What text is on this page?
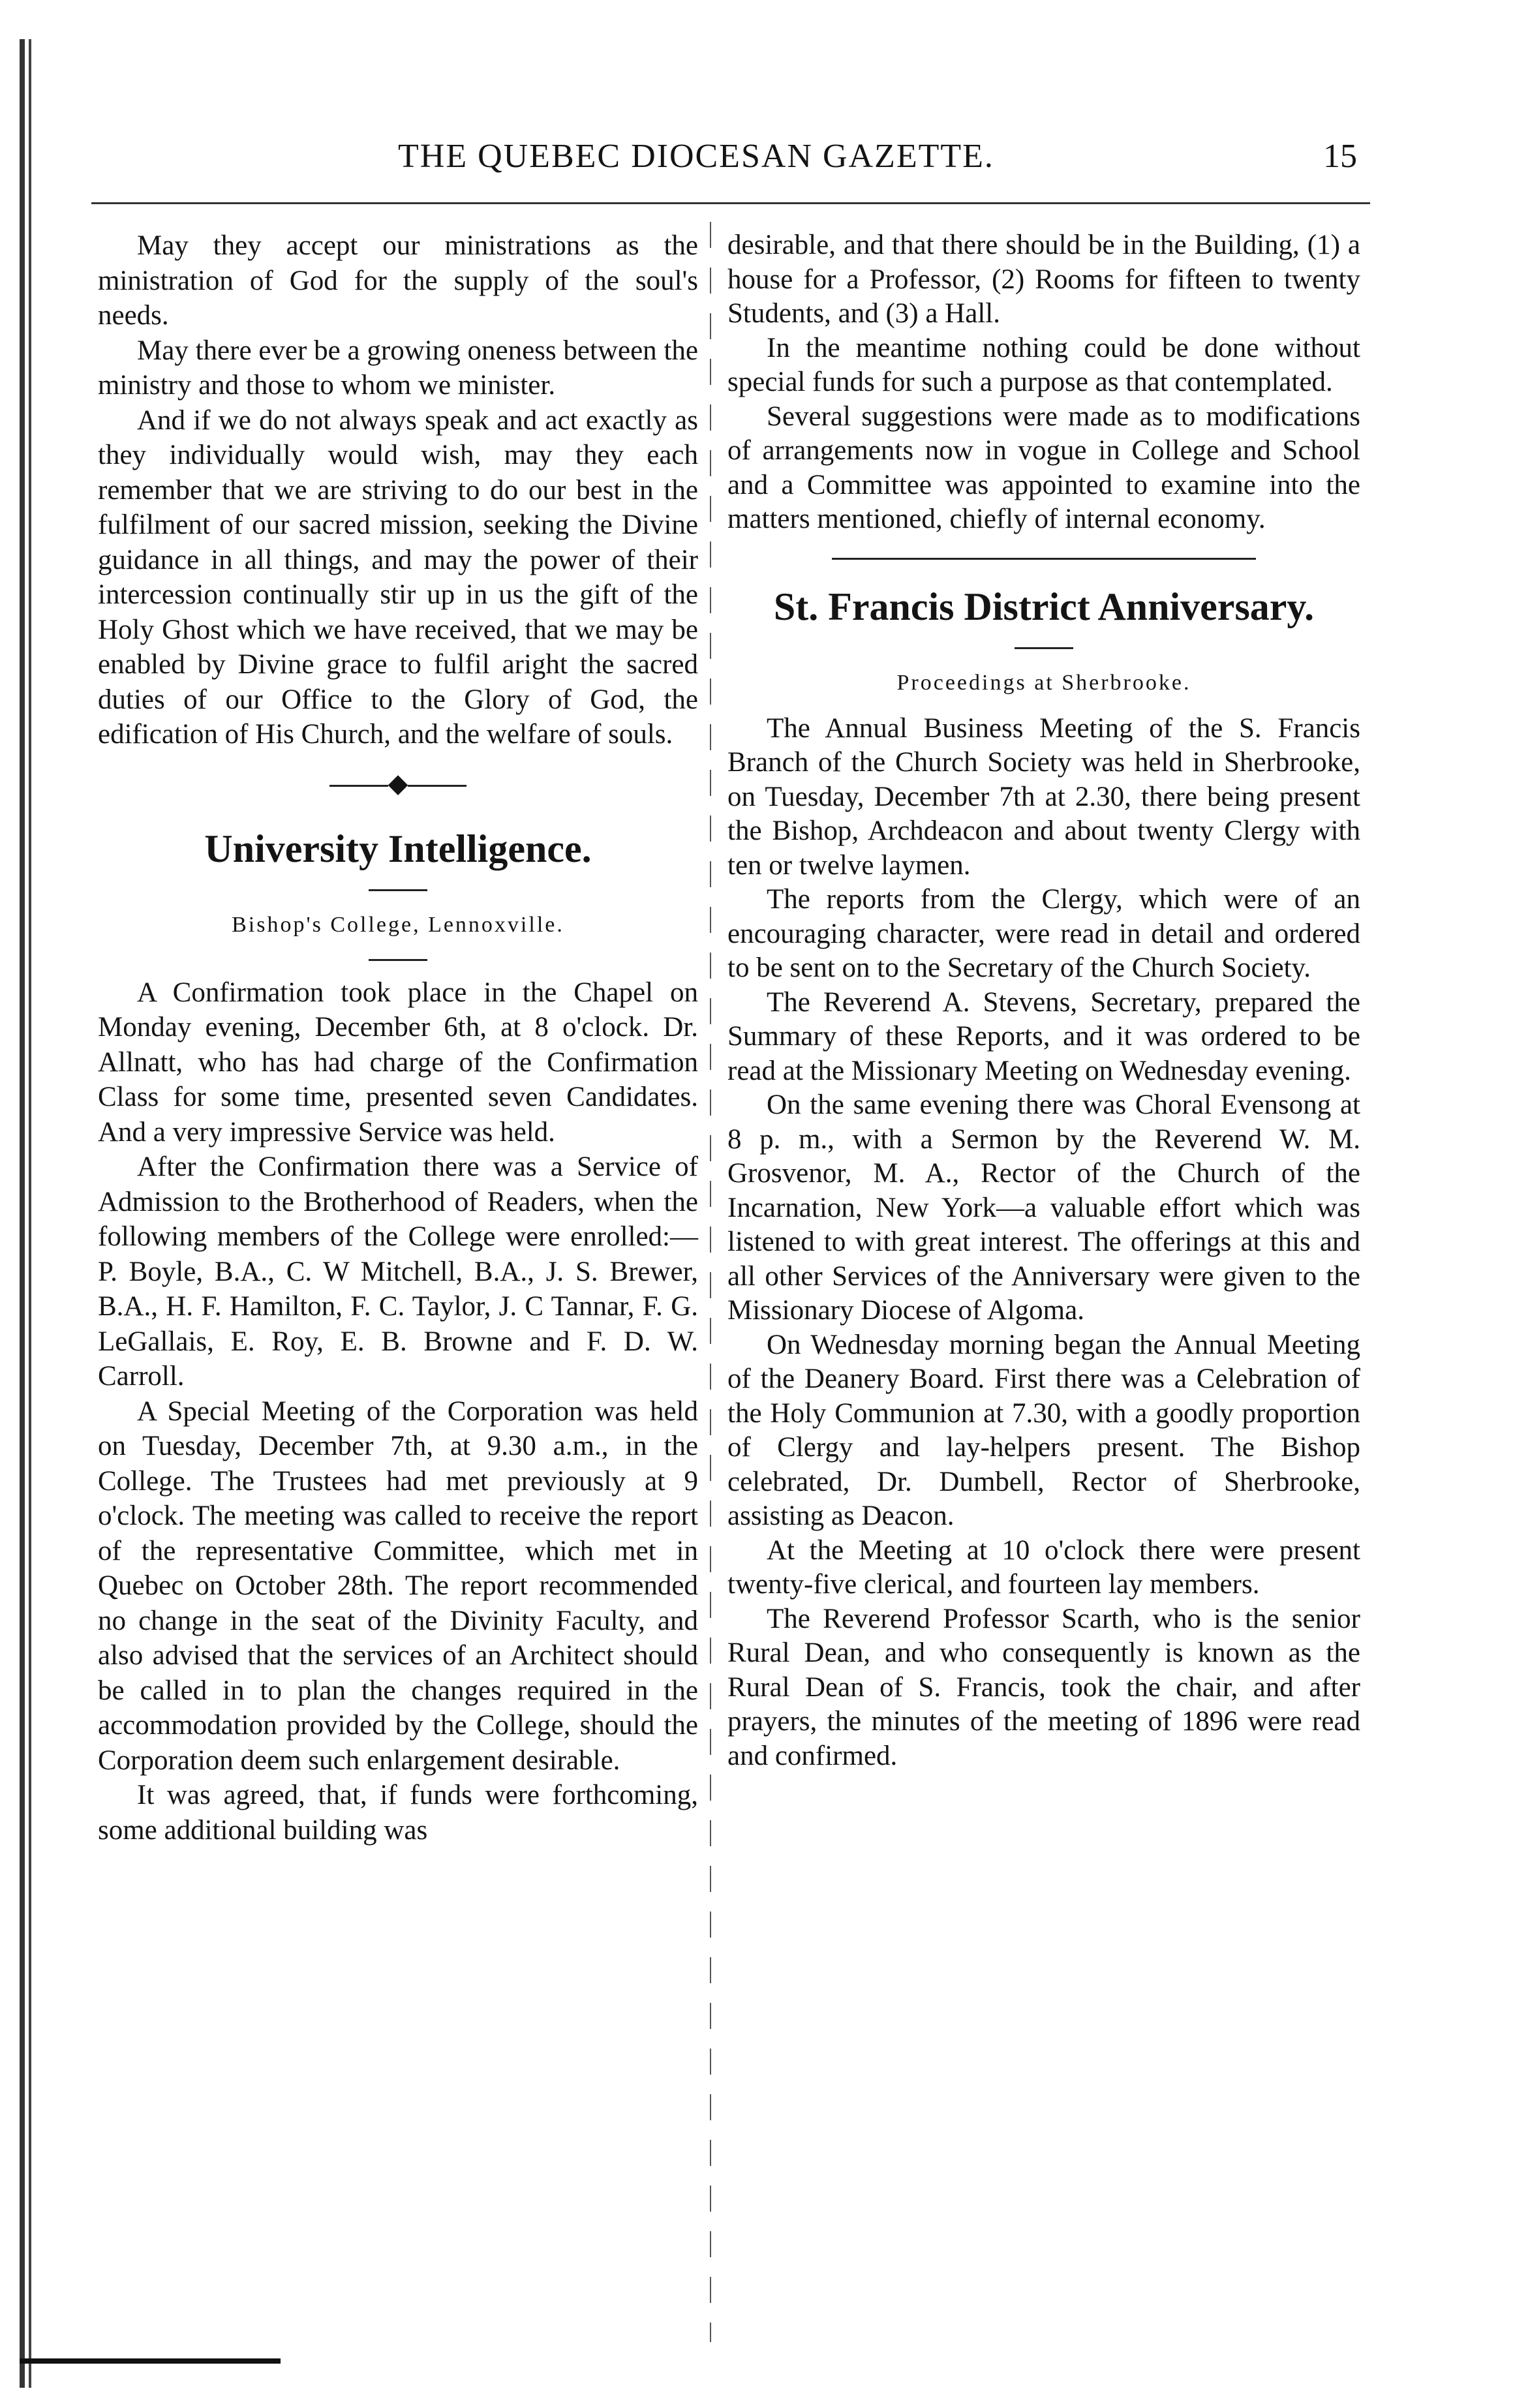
THE QUEBEC DIOCESAN GAZETTE.	15

May they accept our ministrations as the ministration of God for the supply of the soul's needs.

May there ever be a growing oneness between the ministry and those to whom we minister.

And if we do not always speak and act exactly as they individually would wish, may they each remember that we are striving to do our best in the fulfilment of our sacred mission, seeking the Divine guidance in all things, and may the power of their intercession continually stir up in us the gift of the Holy Ghost which we have received, that we may be enabled by Divine grace to fulfil aright the sacred duties of our Office to the Glory of God, the edification of His Church, and the welfare of souls.

◆
University Intelligence.

Bishop's College, Lennoxville.

A Confirmation took place in the Chapel on Monday evening, December 6th, at 8 o'clock. Dr. Allnatt, who has had charge of the Confirmation Class for some time, presented seven Candidates. And a very impressive Service was held.

After the Confirmation there was a Service of Admission to the Brotherhood of Readers, when the following members of the College were enrolled:—P. Boyle, B.A., C. W Mitchell, B.A., J. S. Brewer, B.A., H. F. Hamilton, F. C. Taylor, J. C Tannar, F. G. LeGallais, E. Roy, E. B. Browne and F. D. W. Carroll.

A Special Meeting of the Corporation was held on Tuesday, December 7th, at 9.30 a.m., in the College. The Trustees had met previously at 9 o'clock. The meeting was called to receive the report of the representative Committee, which met in Quebec on October 28th. The report recommended no change in the seat of the Divinity Faculty, and also advised that the services of an Architect should be called in to plan the changes required in the accommodation provided by the College, should the Corporation deem such enlargement desirable.

It was agreed, that, if funds were forthcoming, some additional building was

desirable, and that there should be in the Building, (1) a house for a Professor, (2) Rooms for fifteen to twenty Students, and (3) a Hall.

In the meantime nothing could be done without special funds for such a purpose as that contemplated.

Several suggestions were made as to modifications of arrangements now in vogue in College and School and a Committee was appointed to examine into the matters mentioned, chiefly of internal economy.

St. Francis District Anniversary.

Proceedings at Sherbrooke.

The Annual Business Meeting of the S. Francis Branch of the Church Society was held in Sherbrooke, on Tuesday, December 7th at 2.30, there being present the Bishop, Archdeacon and about twenty Clergy with ten or twelve laymen.

The reports from the Clergy, which were of an encouraging character, were read in detail and ordered to be sent on to the Secretary of the Church Society.

The Reverend A. Stevens, Secretary, prepared the Summary of these Reports, and it was ordered to be read at the Missionary Meeting on Wednesday evening.

On the same evening there was Choral Evensong at 8 p. m., with a Sermon by the Reverend W. M. Grosvenor, M. A., Rector of the Church of the Incarnation, New York—a valuable effort which was listened to with great interest. The offerings at this and all other Services of the Anniversary were given to the Missionary Diocese of Algoma.

On Wednesday morning began the Annual Meeting of the Deanery Board. First there was a Celebration of the Holy Communion at 7.30, with a goodly proportion of Clergy and lay-helpers present. The Bishop celebrated, Dr. Dumbell, Rector of Sherbrooke, assisting as Deacon.

At the Meeting at 10 o'clock there were present twenty-five clerical, and fourteen lay members.

The Reverend Professor Scarth, who is the senior Rural Dean, and who consequently is known as the Rural Dean of S. Francis, took the chair, and after prayers, the minutes of the meeting of 1896 were read and confirmed.
